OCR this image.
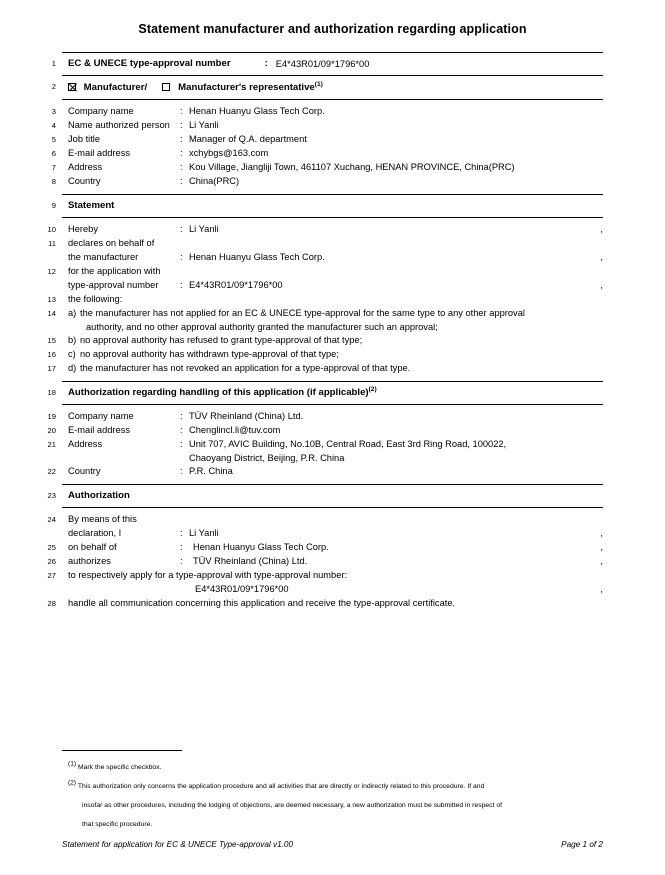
Statement manufacturer and authorization regarding application
1	EC & UNECE type-approval number	: E4*43R01/09*1796*00
2	Manufacturer/	Manufacturer's representative$^{(1)}$
3	Company name	: Henan Huanyu Glass Tech Corp.
4	Name authorized person	: Li Yanli
5	Job title	: Manager of Q.A. department
6	E-mail address	: xchybgs@163.com
7	Address	: Kou Village, Jiangliji Town, 461107 Xuchang, HENAN PROVINCE, China(PRC)
8	Country	: China(PRC)
9	Statement
10	Hereby	: Li Yanli	,
11	declares on behalf of
the manufacturer	: Henan Huanyu Glass Tech Corp.	,
12	for the application with
type-approval number	: E4*43R01/09*1796*00	,
13	the following:
14	a) the manufacturer has not applied for an EC & UNECE type-approval for the same type to any other approval
authority, and no other approval authority granted the manufacturer such an approval;
15	b) no approval authority has refused to grant type-approval of that type;
16	c) no approval authority has withdrawn type-approval of that type;
17	d) the manufacturer has not revoked an application for a type-approval of that type.
18	Authorization regarding handling of this application (if applicable)$^{(2)}$
19	Company name	: TÜV Rheinland (China) Ltd.
20	E-mail address	: Chenglincl.li@tuv.com
21	Address	: Unit 707, AVIC Building, No.10B, Central Road, East 3rd Ring Road, 100022,
Chaoyang District, Beijing, P.R. China
22	Country	: P.R. China
23	Authorization
24	By means of this
declaration, I	: Li Yanli	,
25	on behalf of	:	Henan Huanyu Glass Tech Corp.	,
26	authorizes	:	TÜV Rheinland (China) Ltd.	,
27	to respectively apply for a type-approval with type-approval number:
E4*43R01/09*1796*00	,
28	handle all communication concerning this application and receive the type-approval certificate.
$^{(1)}$ Mark the specific checkbox.
$^{(2)}$ This authorization only concerns the application procedure and all activities that are directly or indirectly related to this procedure. If and
insofar as other procedures, including the lodging of objections, are deemed necessary, a new authorization must be submitted in respect of
that specific procedure.
Statement for application for EC & UNECE Type-approval v1.00	Page 1 of 2
